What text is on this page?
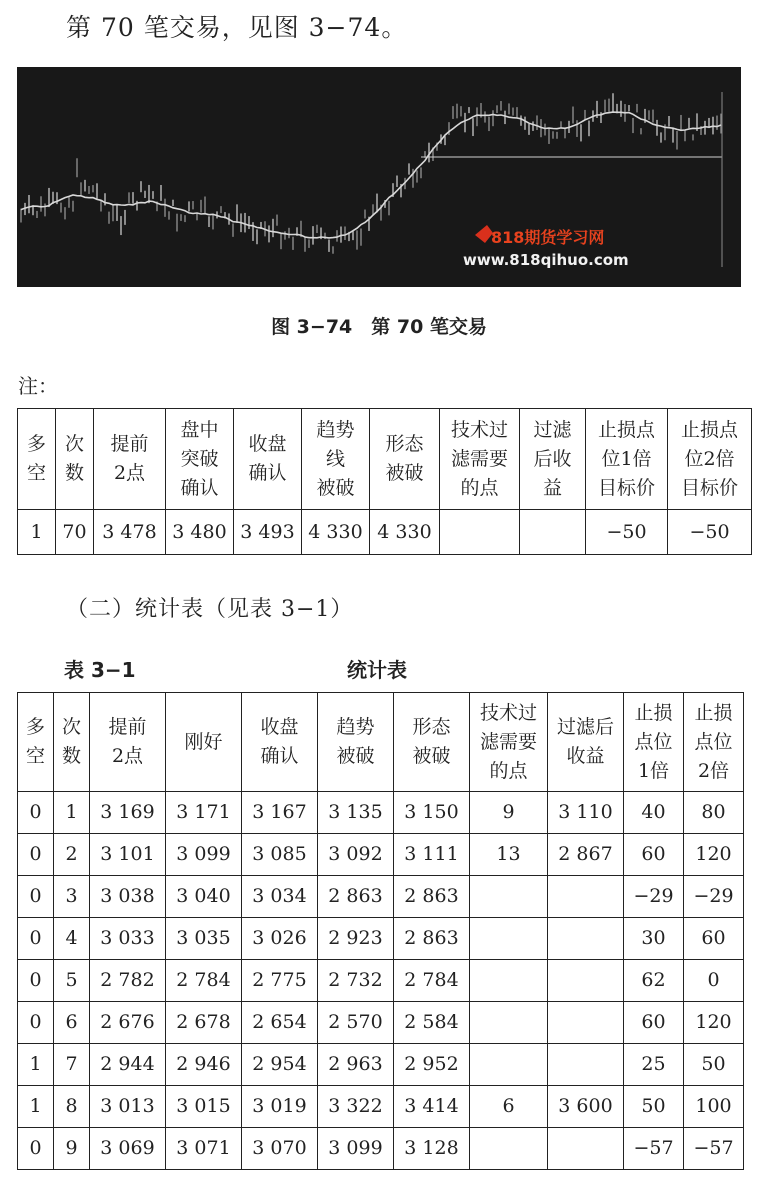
第 70 笔交易，见图 3−74。
818期货学习网
www.818qihuo.com
图 3−74　第 70 笔交易
注：
多
空	次
数	提前
2点	盘中
突破
确认	收盘
确认	趋势
线
被破	形态
被破	技术过
滤需要
的点	过滤
后收
益	止损点
位1倍
目标价	止损点
位2倍
目标价
1	70	3 478	3 480	3 493	4 330	4 330			−50	−50
（二）统计表（见表 3−1）
表 3−1	统计表
多
空	次
数	提前
2点	刚好	收盘
确认	趋势
被破	形态
被破	技术过
滤需要
的点	过滤后
收益	止损
点位
1倍	止损
点位
2倍
0	1	3 169	3 171	3 167	3 135	3 150	9	3 110	40	80
0	2	3 101	3 099	3 085	3 092	3 111	13	2 867	60	120
0	3	3 038	3 040	3 034	2 863	2 863			−29	−29
0	4	3 033	3 035	3 026	2 923	2 863			30	60
0	5	2 782	2 784	2 775	2 732	2 784			62	0
0	6	2 676	2 678	2 654	2 570	2 584			60	120
1	7	2 944	2 946	2 954	2 963	2 952			25	50
1	8	3 013	3 015	3 019	3 322	3 414	6	3 600	50	100
0	9	3 069	3 071	3 070	3 099	3 128			−57	−57
